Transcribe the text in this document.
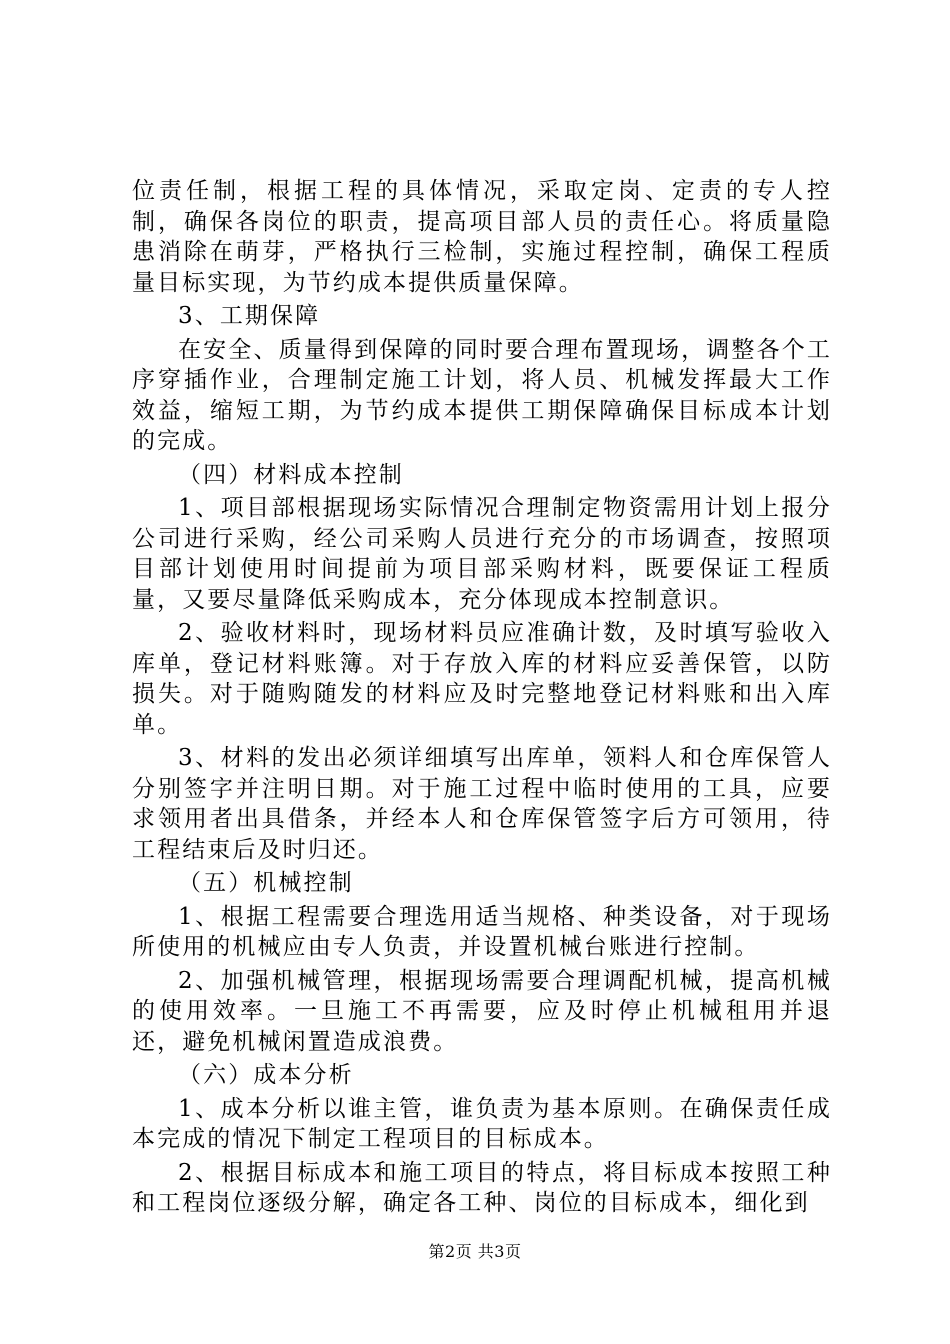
位责任制，根据工程的具体情况，采取定岗、定责的专人控制，确保各岗位的职责，提高项目部人员的责任心。将质量隐患消除在萌芽，严格执行三检制，实施过程控制，确保工程质量目标实现，为节约成本提供质量保障。

3、工期保障

在安全、质量得到保障的同时要合理布置现场，调整各个工序穿插作业，合理制定施工计划，将人员、机械发挥最大工作效益，缩短工期，为节约成本提供工期保障确保目标成本计划的完成。

（四）材料成本控制

1、项目部根据现场实际情况合理制定物资需用计划上报分公司进行采购，经公司采购人员进行充分的市场调查，按照项目部计划使用时间提前为项目部采购材料，既要保证工程质量，又要尽量降低采购成本，充分体现成本控制意识。

2、验收材料时，现场材料员应准确计数，及时填写验收入库单，登记材料账簿。对于存放入库的材料应妥善保管，以防损失。对于随购随发的材料应及时完整地登记材料账和出入库单。

3、材料的发出必须详细填写出库单，领料人和仓库保管人分别签字并注明日期。对于施工过程中临时使用的工具，应要求领用者出具借条，并经本人和仓库保管签字后方可领用，待工程结束后及时归还。

（五）机械控制

1、根据工程需要合理选用适当规格、种类设备，对于现场所使用的机械应由专人负责，并设置机械台账进行控制。

2、加强机械管理，根据现场需要合理调配机械，提高机械的使用效率。一旦施工不再需要，应及时停止机械租用并退还，避免机械闲置造成浪费。

（六）成本分析

1、成本分析以谁主管，谁负责为基本原则。在确保责任成本完成的情况下制定工程项目的目标成本。

2、根据目标成本和施工项目的特点，将目标成本按照工种和工程岗位逐级分解，确定各工种、岗位的目标成本，细化到

第2页 共3页
